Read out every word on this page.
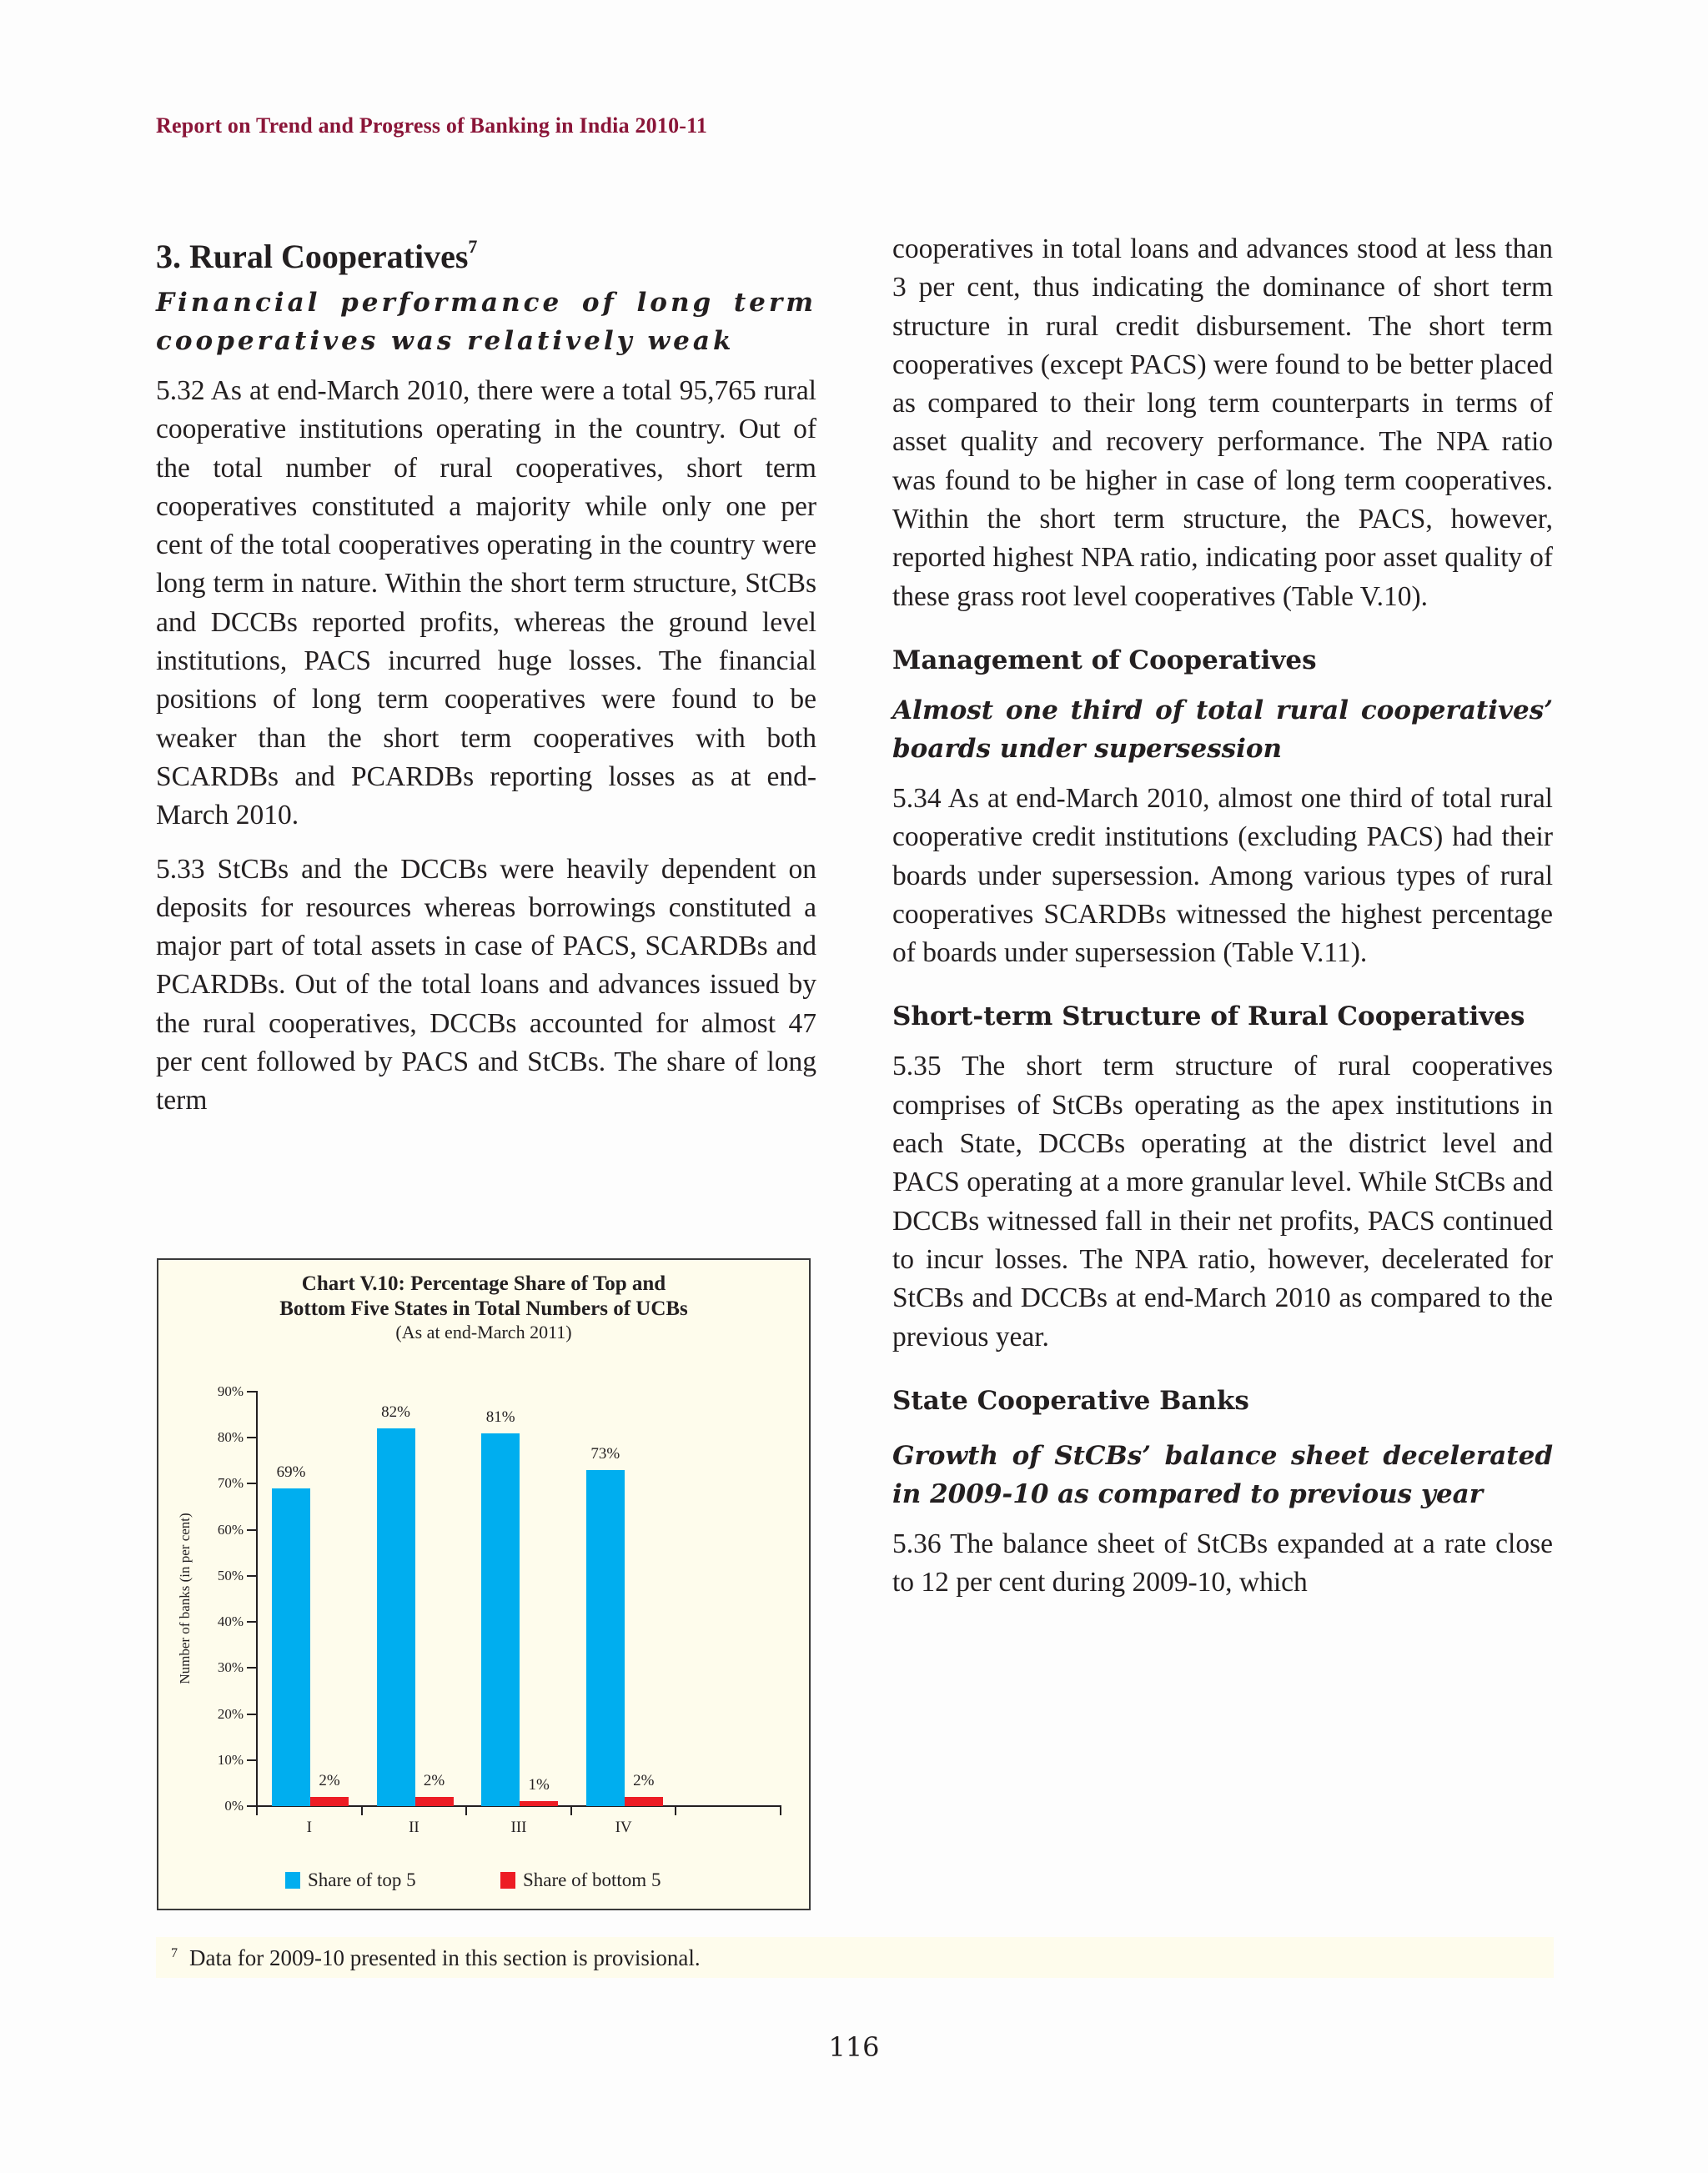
Report on Trend and Progress of Banking in India 2010-11
3. Rural Cooperatives$^7$
Financial performance of long term cooperatives was relatively weak

5.32 As at end-March 2010, there were a total 95,765 rural cooperative institutions operating in the country. Out of the total number of rural cooperatives, short term cooperatives constituted a majority while only one per cent of the total cooperatives operating in the country were long term in nature. Within the short term structure, StCBs and DCCBs reported profits, whereas the ground level institutions, PACS incurred huge losses. The financial positions of long term cooperatives were found to be weaker than the short term cooperatives with both SCARDBs and PCARDBs reporting losses as at end-March 2010.

5.33 StCBs and the DCCBs were heavily dependent on deposits for resources whereas borrowings constituted a major part of total assets in case of PACS, SCARDBs and PCARDBs. Out of the total loans and advances issued by the rural cooperatives, DCCBs accounted for almost 47 per cent followed by PACS and StCBs. The share of long term

Chart V.10: Percentage Share of Top and
Bottom Five States in Total Numbers of UCBs
(As at end-March 2011)
Number of banks (in per cent)
0%
10%
20%
30%
40%
50%
60%
70%
80%
90%
I
69%
2%
II
82%
2%
III
81%
1%
IV
73%
2%
Share of top 5	Share of bottom 5
$^7$ Data for 2009-10 presented in this section is provisional.

cooperatives in total loans and advances stood at less than 3 per cent, thus indicating the dominance of short term structure in rural credit disbursement. The short term cooperatives (except PACS) were found to be better placed as compared to their long term counterparts in terms of asset quality and recovery performance. The NPA ratio was found to be higher in case of long term cooperatives. Within the short term structure, the PACS, however, reported highest NPA ratio, indicating poor asset quality of these grass root level cooperatives (Table V.10).

Management of Cooperatives
Almost one third of total rural cooperatives’ boards under supersession

5.34 As at end-March 2010, almost one third of total rural cooperative credit institutions (excluding PACS) had their boards under supersession. Among various types of rural cooperatives SCARDBs witnessed the highest percentage of boards under supersession (Table V.11).

Short-term Structure of Rural Cooperatives

5.35 The short term structure of rural cooperatives comprises of StCBs operating as the apex institutions in each State, DCCBs operating at the district level and PACS operating at a more granular level. While StCBs and DCCBs witnessed fall in their net profits, PACS continued to incur losses. The NPA ratio, however, decelerated for StCBs and DCCBs at end-March 2010 as compared to the previous year.

State Cooperative Banks
Growth of StCBs’ balance sheet decelerated in 2009-10 as compared to previous year

5.36 The balance sheet of StCBs expanded at a rate close to 12 per cent during 2009-10, which

116
